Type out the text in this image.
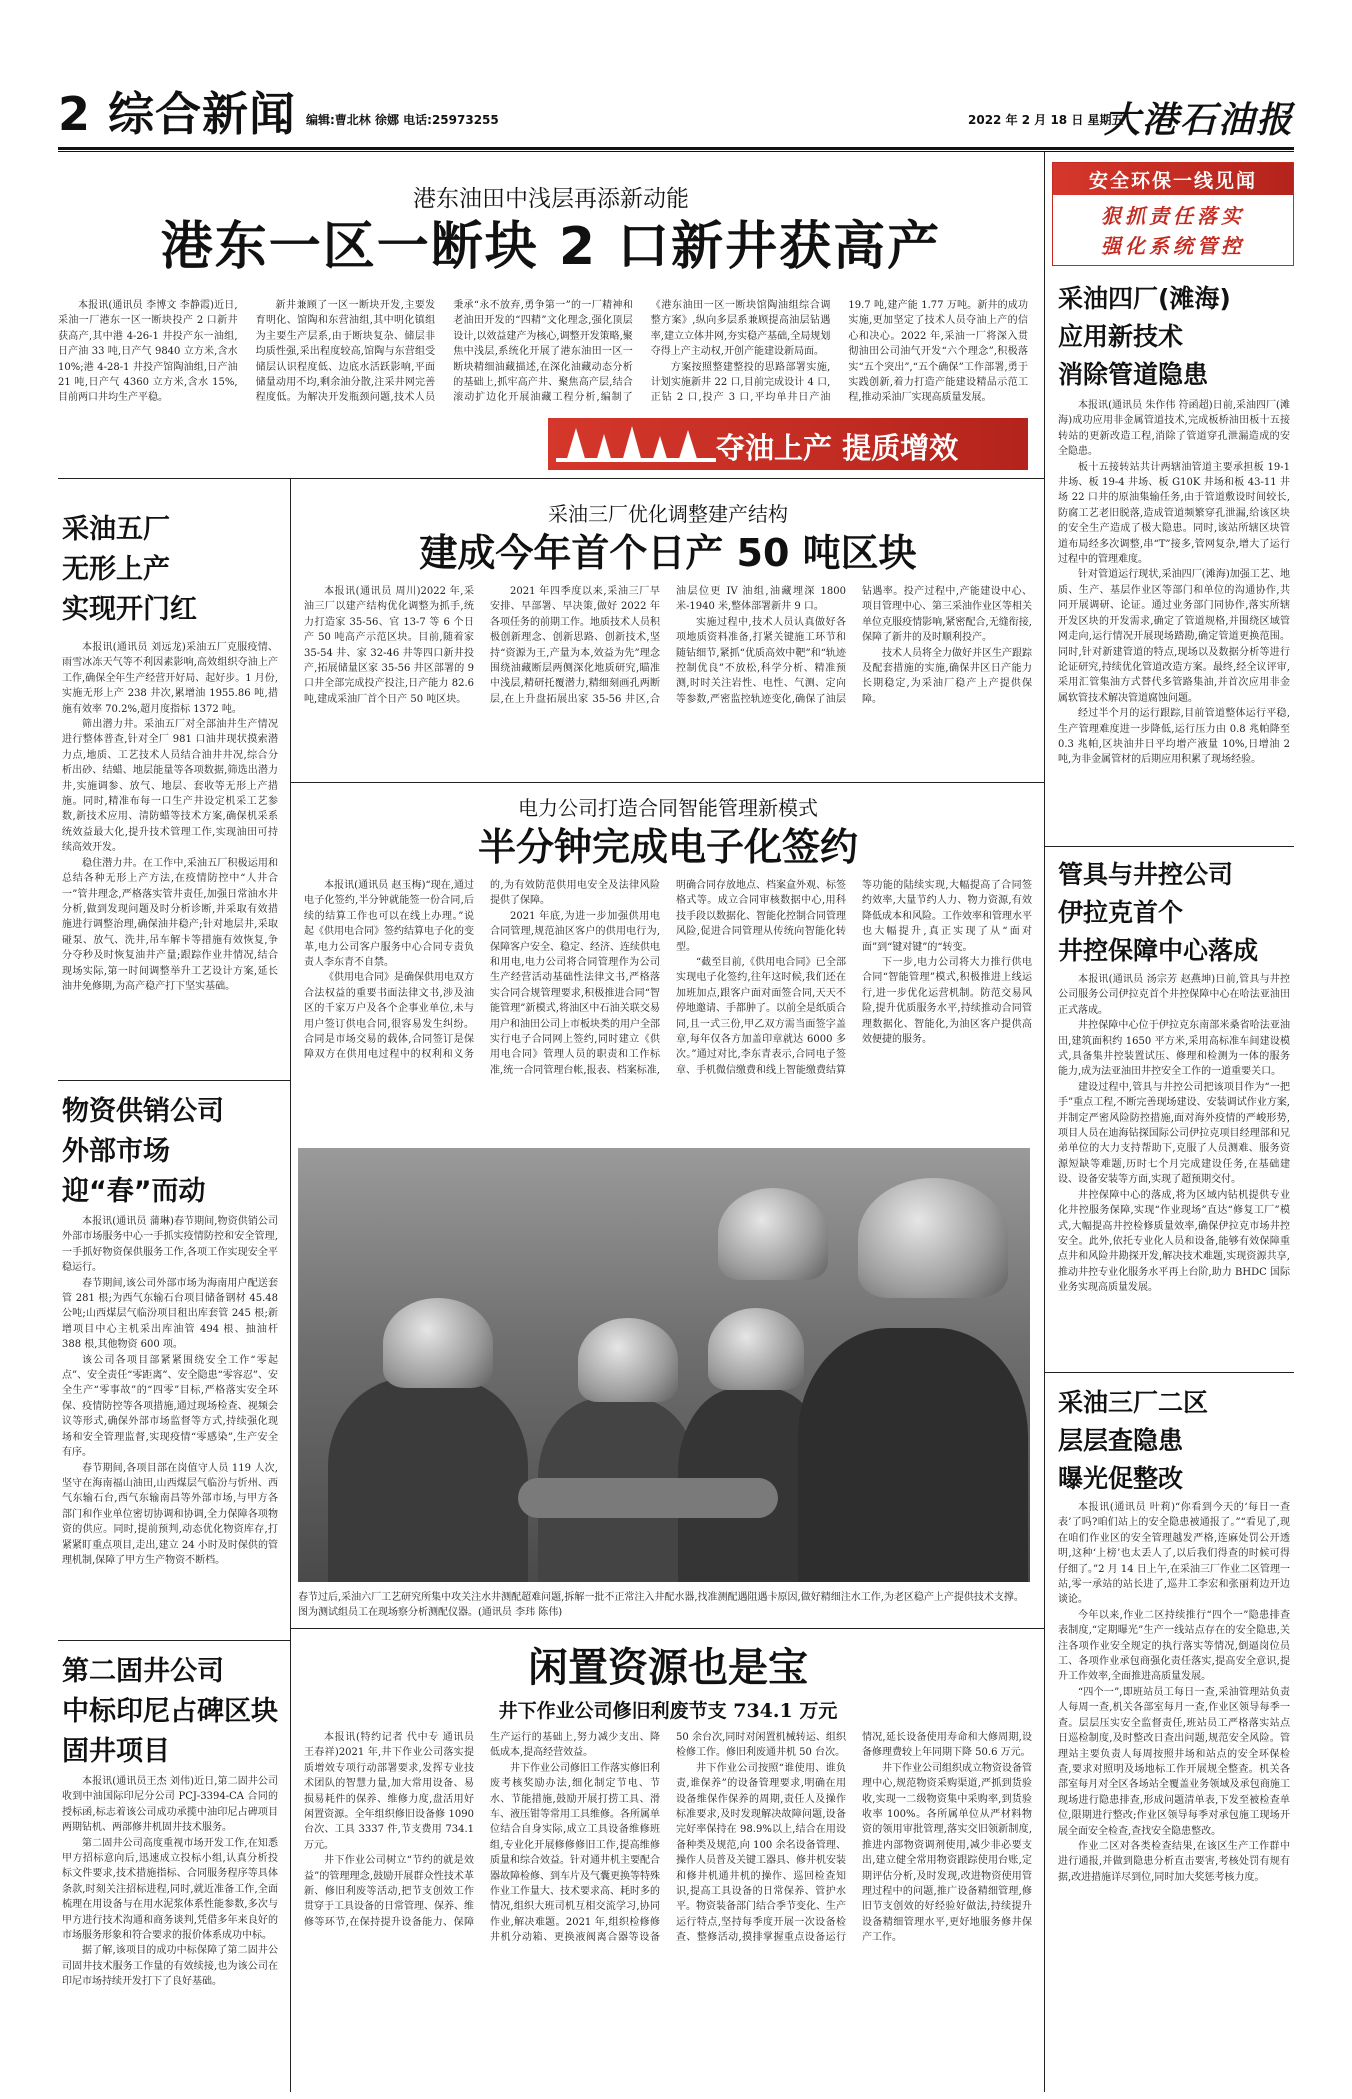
2 综合新闻 编辑:曹北林 徐娜 电话:25973255	2022 年 2 月 18 日 星期五
大港石油报
港东油田中浅层再添新动能
港东一区一断块 2 口新井获高产

本报讯(通讯员 李博文 李静霞)近日,采油一厂港东一区一断块投产 2 口新井获高产,其中港 4-26-1 井投产东一油组,日产油 33 吨,日产气 9840 立方米,含水 10%;港 4-28-1 井投产馆陶油组,日产油 21 吨,日产气 4360 立方米,含水 15%,目前两口井均生产平稳。

新井兼顾了一区一断块开发,主要发育明化、馆陶和东营油组,其中明化镇组为主要生产层系,由于断块复杂、储层非均质性强,采出程度较高,馆陶与东营组受储层认识程度低、边底水活跃影响,平面储量动用不均,剩余油分散,注采井网完善程度低。为解决开发瓶颈问题,技术人员秉承“永不放弃,勇争第一”的一厂精神和老油田开发的“四精”文化理念,强化顶层设计,以效益建产为核心,调整开发策略,聚焦中浅层,系统化开展了港东油田一区一断块精细油藏描述,在深化油藏动态分析的基础上,抓牢高产井、聚焦高产层,结合滚动扩边化开展油藏工程分析,编制了《港东油田一区一断块馆陶油组综合调整方案》,纵向多层系兼顾提高油层钻遇率,建立立体井网,夯实稳产基础,全局规划夺得上产主动权,开创产能建设新局面。

方案按照整建整投的思路部署实施,计划实施新井 22 口,目前完成设计 4 口,正钻 2 口,投产 3 口,平均单井日产油 19.7 吨,建产能 1.77 万吨。新井的成功实施,更加坚定了技术人员夺油上产的信心和决心。2022 年,采油一厂将深入贯彻油田公司油气开发“六个理念”,积极落实“五个突出”,“五个确保”工作部署,勇于实践创新,着力打造产能建设精品示范工程,推动采油厂实现高质量发展。

夺油上产 提质增效
采油五厂
无形上产
实现开门红

本报讯(通讯员 刘远龙)采油五厂克服疫情、雨雪冰冻天气等不利因素影响,高效组织夺油上产工作,确保全年生产经营开好局、起好步。1 月份,实施无形上产 238 井次,累增油 1955.86 吨,措施有效率 70.2%,超月度指标 1372 吨。

筛出潜力井。采油五厂对全部油井生产情况进行整体普查,针对全厂 981 口油井现状摸索潜力点,地质、工艺技术人员结合油井井况,综合分析出砂、结蜡、地层能量等各项数据,筛选出潜力井,实施调参、放气、地层、套收等无形上产措施。同时,精准布每一口生产井设定机采工艺参数,新技术应用、清防蜡等技术方案,确保机采系统效益最大化,提升技术管理工作,实现油田可持续高效开发。

稳住潜力井。在工作中,采油五厂积极运用和总结各种无形上产方法,在疫情防控中“人井合一”管井理念,严格落实管井责任,加强日常油水井分析,做到发现问题及时分析诊断,并采取有效措施进行调整治理,确保油井稳产;针对地层井,采取碰泵、放气、洗井,吊车解卡等措施有效恢复,争分夺秒及时恢复油井产量;跟踪作业井情况,结合现场实际,第一时间调整举升工艺设计方案,延长油井免修期,为高产稳产打下坚实基础。

物资供销公司
外部市场
迎“春”而动

本报讯(通讯员 蒲琳)春节期间,物资供销公司外部市场服务中心一手抓实疫情防控和安全管理,一手抓好物资保供服务工作,各项工作实现安全平稳运行。

春节期间,该公司外部市场为海南用户配送套管 281 根;为西气东输石台项目储备钢材 45.48 公吨;山西煤层气临汾项目租出库套管 245 根;新增项目中心主机采出库油管 494 根、抽油杆 388 根,其他物资 600 项。

该公司各项目部紧紧围绕安全工作“零起点”、安全责任“零距离”、安全隐患“零容忍”、安全生产“零事故”的“四零”目标,严格落实安全环保、疫情防控等各项措施,通过现场检查、视频会议等形式,确保外部市场监督等方式,持续强化现场和安全管理监督,实现疫情“零感染”,生产安全有序。

春节期间,各项目部在岗值守人员 119 人次,坚守在海南福山油田,山西煤层气临汾与忻州、西气东输石台,西气东输南昌等外部市场,与甲方各部门和作业单位密切协调和协调,全力保障各项物资的供应。同时,提前预判,动态优化物资库存,打紧紧盯重点项目,走出,建立 24 小时及时保供的管理机制,保障了甲方生产物资不断档。

第二固井公司
中标印尼占碑区块
固井项目

本报讯(通讯员王杰 刘伟)近日,第二固井公司收到中油国际印尼分公司 PCJ-3394-CA 合同的授标函,标志着该公司成功承揽中油印尼占碑项目两期钻机、两部修井机固井技术服务。

第二固井公司高度重视市场开发工作,在知悉甲方招标意向后,迅速成立投标小组,认真分析投标文件要求,技术措施指标、合同服务程序等具体条款,时刻关注招标进程,同时,就近准备工作,全面梳理在用设备与在用水泥浆体系性能参数,多次与甲方进行技术沟通和商务谈判,凭借多年来良好的市场服务形象和符合要求的报价体系成功中标。

据了解,该项目的成功中标保障了第二固井公司固井技术服务工作量的有效续接,也为该公司在印尼市场持续开发打下了良好基础。

采油三厂优化调整建产结构
建成今年首个日产 50 吨区块

本报讯(通讯员 周川)2022 年,采油三厂以建产结构优化调整为抓手,统力打造家 35-56、官 13-7 等 6 个日产 50 吨高产示范区块。目前,随着家 35-54 井、家 32-46 井等四口新井投产,拓展储量区家 35-56 井区部署的 9 口井全部完成投产投注,日产能力 82.6 吨,建成采油厂首个日产 50 吨区块。

2021 年四季度以来,采油三厂早安排、早部署、早决策,做好 2022 年各项任务的前期工作。地质技术人员积极创新理念、创新思路、创新技术,坚持“资源为王,产量为本,效益为先”理念围绕油藏断层两侧深化地质研究,瞄准中浅层,精研托覆潜力,精细刻画孔两断层,在上升盘拓展出家 35-56 井区,合油层位更 IV 油组,油藏埋深 1800 米-1940 米,整体部署新井 9 口。

实施过程中,技术人员认真做好各项地质资料准备,打紧关键施工环节和随钻细节,紧抓“优质高效中靶”和“轨迹控制优良”不放松,科学分析、精准预测,时时关注岩性、电性、气测、定向等参数,严密监控轨迹变化,确保了油层钻遇率。投产过程中,产能建设中心、项目管理中心、第三采油作业区等相关单位克服疫情影响,紧密配合,无缝衔接,保障了新井的及时顺利投产。

技术人员将全力做好并区生产跟踪及配套措施的实施,确保井区日产能力长期稳定,为采油厂稳产上产提供保障。

电力公司打造合同智能管理新模式
半分钟完成电子化签约

本报讯(通讯员 赵玉梅)“现在,通过电子化签约,半分钟就能签一份合同,后续的结算工作也可以在线上办理。”说起《供用电合同》签约结算电子化的变革,电力公司客户服务中心合同专责负责人李东青不自禁。

《供用电合同》是确保供用电双方合法权益的重要书面法律文书,涉及油区的千家万户及各个企事业单位,未与用户签订供电合同,很容易发生纠纷。合同是市场交易的载体,合同签订是保障双方在供用电过程中的权利和义务的,为有效防范供用电安全及法律风险提供了保障。

2021 年底,为进一步加强供用电合同管理,规范油区客户的供用电行为,保障客户安全、稳定、经济、连续供电和用电,电力公司将合同管理作为公司生产经营活动基础性法律文书,严格落实合同合规管理要求,积极推进合同“智能管理”新模式,将油区中石油关联交易用户和油田公司上市板块类的用户全部实行电子合同网上签约,同时建立《供用电合同》管理人员的职责和工作标准,统一合同管理台帐,报表、档案标准,明确合同存放地点、档案盒外观、标签格式等。成立合同审核数据中心,用科技手段以数据化、智能化控制合同管理风险,促进合同管理从传统向智能化转型。

“截至目前,《供用电合同》已全部实现电子化签约,往年这时候,我们还在加班加点,跟客户面对面签合同,天天不停地邀请、手都肿了。以前全是纸质合同,且一式三份,甲乙双方需当面签字盖章,每年仅各方加盖印章就达 6000 多次。”通过对比,李东青表示,合同电子签章、手机微信缴费和线上智能缴费结算等功能的陆续实现,大幅提高了合同签约效率,大量节约人力、物力资源,有效降低成本和风险。工作效率和管理水平也大幅提升,真正实现了从“面对面”到“键对键”的“转变。

下一步,电力公司将大力推行供电合同“智能管理”模式,积极推进上线运行,进一步优化运营机制。防范交易风险,提升优质服务水平,持续推动合同管理数据化、智能化,为油区客户提供高效便捷的服务。

春节过后,采油六厂工艺研究所集中攻关注水井测配超难问题,拆解一批不正常注入井配水器,找准测配遇阻遇卡原因,做好精细注水工作,为老区稳产上产提供技术支撑。图为测试组员工在现场察分析测配仪器。(通讯员 李玮 陈伟)
闲置资源也是宝
井下作业公司修旧利废节支 734.1 万元

本报讯(特约记者 代中专 通讯员 王春祥)2021 年,井下作业公司落实提质增效专项行动部署要求,发挥专业技术团队的智慧力量,加大常用设备、易损易耗件的保养、维修力度,盘活用好闲置资源。全年组织修旧设备修 1090 台次、工具 3337 件,节支费用 734.1 万元。

井下作业公司树立“节约的就是效益”的管理理念,鼓励开展群众性技术革新、修旧利废等活动,把节支创效工作贯穿于工具设备的日常管理、保养、维修等环节,在保持提升设备能力、保障生产运行的基础上,努力减少支出、降低成本,提高经营效益。

井下作业公司修旧工作落实修旧利废考核奖励办法,细化制定节电、节水、节能措施,鼓励开展打捞工具、滑车、液压钳等常用工具维修。各所属单位结合自身实际,成立工具设备维修班组,专业化开展修修修旧工作,提高维修质量和综合效益。针对通井机主要配合器故障检修、到车片及气囊更换等特殊作业工作量大、技术要求高、耗时多的情况,组织大班司机互相交流学习,协同作业,解决难题。2021 年,组织检修修井机分动箱、更换液阀离合器等设备 50 余台次,同时对闲置机械转运、组织检修工作。修旧利废通井机 50 台次。

井下作业公司按照“谁使用、谁负责,谁保养”的设备管理要求,明确在用设备维保作保养的周期,责任人及操作标准要求,及时发现解决故障问题,设备完好率保持在 98.9%以上,结合在用设备种类及规范,向 100 余名设备管理、操作人员普及关键工器具、修井机安装和修井机通井机的操作、巡回检查知识,提高工具设备的日常保养、管护水平。物资装备部门结合季节变化、生产运行特点,坚持每季度开展一次设备检查、整修活动,摸排掌握重点设备运行情况,延长设备使用寿命和大修周期,设备修理费较上年同期下降 50.6 万元。

井下作业公司组织成立物资设备管理中心,规范物资采购渠道,严抓到货验收,实现一二级物资集中采购率,到货验收率 100%。各所属单位从严材料物资的领用审批管理,落实交旧领新制度,推进内部物资调剂使用,减少非必要支出,建立健全常用物资跟踪使用台账,定期评估分析,及时发现,改进物资使用管理过程中的问题,推广设备精细管理,修旧节支创效的好经验好做法,持续提升设备精细管理水平,更好地服务修井保产工作。

安全环保一线见闻
狠抓责任落实
强化系统管控
采油四厂(滩海)
应用新技术
消除管道隐患

本报讯(通讯员 朱作伟 符函超)日前,采油四厂(滩海)成功应用非金属管道技术,完成板桥油田板十五接转站的更新改造工程,消除了管道穿孔泄漏造成的安全隐患。

板十五接转站共计两辖油管道主要承担板 19-1 井场、板 19-4 井场、板 G10K 井场和板 43-11 井场 22 口井的原油集输任务,由于管道敷设时间较长,防腐工艺老旧脱落,造成管道频繁穿孔泄漏,给该区块的安全生产造成了极大隐患。同时,该站所辖区块管道布局经多次调整,串“T”接多,管网复杂,增大了运行过程中的管理难度。

针对管道运行现状,采油四厂(滩海)加强工艺、地质、生产、基层作业区等部门和单位的沟通协作,共同开展调研、论证。通过业务部门同协作,落实所辖开发区块的开发需求,确定了管道规格,并围绕区域管网走向,运行情况开展现场踏勘,确定管道更换范围。同时,针对新建管道的特点,现场以及数据分析等进行论证研究,持续优化管道改造方案。最终,经全议评审,采用汇管集油方式替代多管路集油,并首次应用非金属软管技术解决管道腐蚀问题。

经过半个月的运行跟踪,目前管道整体运行平稳,生产管理难度进一步降低,运行压力由 0.8 兆帕降至 0.3 兆帕,区块油井日平均增产液量 10%,日增油 2 吨,为非金属管材的后期应用积累了现场经验。

管具与井控公司
伊拉克首个
井控保障中心落成

本报讯(通讯员 汤宗芳 赵燕坤)日前,管具与井控公司服务公司伊拉克首个井控保障中心在哈法亚油田正式落成。

井控保障中心位于伊拉克东南部米桑省哈法亚油田,建筑面积约 1650 平方米,采用高标准车间建设模式,具备集井控装置试压、修理和检测为一体的服务能力,成为法亚油田井控安全工作的一道重要关口。

建设过程中,管具与井控公司把该项目作为“一把手”重点工程,不断完善现场建设、安装调试作业方案,并制定严密风险防控措施,面对海外疫情的严峻形势,项目人员在迪海钻探国际公司伊拉克项目经理部和兄弟单位的大力支持帮助下,克服了人员测难、服务资源短缺等难题,历时七个月完成建设任务,在基础建设、设备安装等方面,实现了超预期交付。

井控保障中心的落成,将为区域内钻机提供专业化井控服务保障,实现“作业现场”直达“修复工厂”模式,大幅提高井控检修质量效率,确保伊拉克市场井控安全。此外,依托专业化人员和设备,能够有效保障重点井和风险井勘探开发,解决技术难题,实现资源共享,推动井控专业化服务水平再上台阶,助力 BHDC 国际业务实现高质量发展。

采油三厂二区
层层查隐患
曝光促整改

本报讯(通讯员 叶莉)“你看到今天的‘每日一查表’了吗?咱们站上的安全隐患被通报了。”“看见了,现在咱们作业区的安全管理越发严格,连麻处罚公开透明,这种‘上榜’也太丢人了,以后我们得查的时候可得仔细了。”2 月 14 日上午,在采油三厂作业二区管理一站,零一承站的站长进了,巡井工李宏和张丽莉边开边谈论。

今年以来,作业二区持续推行“四个一”隐患排查表制度,“定期曝光”生产一线站点存在的安全隐患,关注各项作业安全规定的执行落实等情况,倒逼岗位员工、各项作业承包商强化责任落实,提高安全意识,提升工作效率,全面推进高质量发展。

“四个一”,即班站员工每日一查,采油管理站负责人每周一查,机关各部室每月一查,作业区领导每季一查。层层压实安全监督责任,班站员工严格落实站点日巡检制度,及时整改日查出问题,规范安全风险。管理站主要负责人每周按照井场和站点的安全环保检查,要求对照明及场地标工作开展规全整查。机关各部室每月对全区各场站全覆盖业务领域及承包商施工现场进行隐患排查,形成问题清单表,下发至被检查单位,限期进行整改;作业区领导每季对承包施工现场开展全面安全检查,查找安全隐患整改。

作业二区对各类检查结果,在该区生产工作群中进行通报,并做到隐患分析直击要害,考核处罚有规有据,改进措施详尽到位,同时加大奖惩考核力度。
